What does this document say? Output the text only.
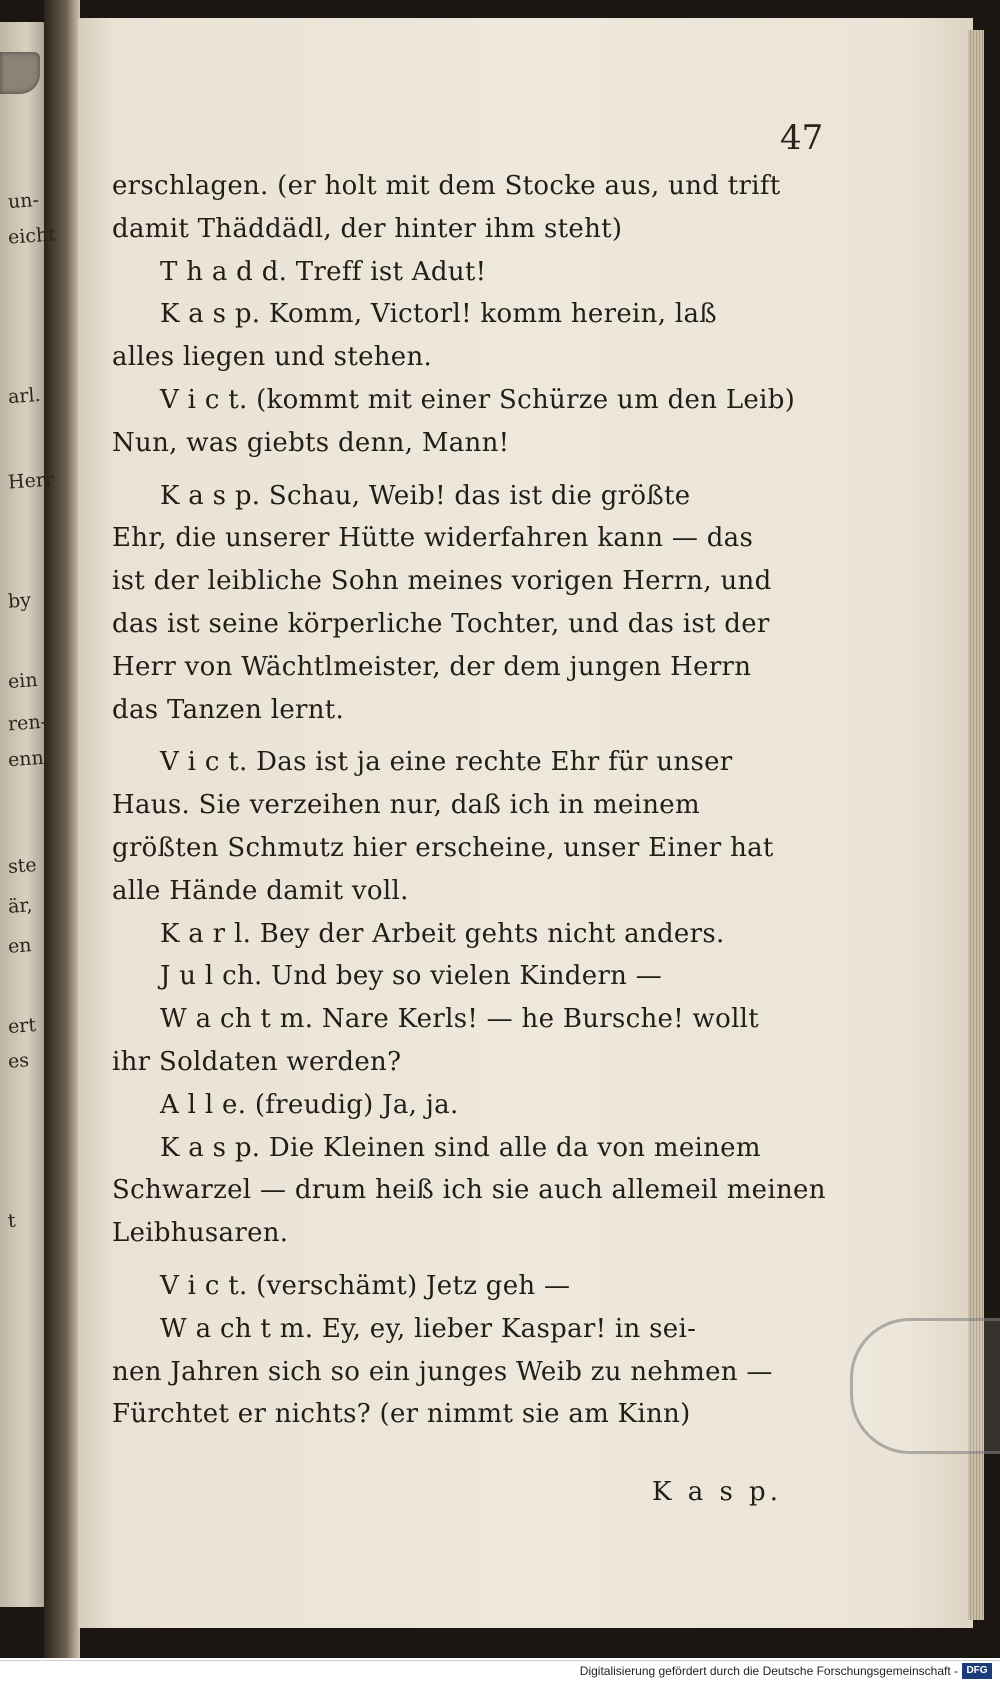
un-
eicht
arl.
Herr
by
ein
ren-
enn
ste
är,
en
ert
es
t
47
erschlagen. (er holt mit dem Stocke aus, und trift
damit Thäddädl, der hinter ihm steht)
T h a d d. Treff ist Adut!
K a s p. Komm, Victorl! komm herein, laß
alles liegen und stehen.
V i c t. (kommt mit einer Schürze um den Leib)
Nun, was giebts denn, Mann!
K a s p. Schau, Weib! das ist die größte
Ehr, die unserer Hütte widerfahren kann — das
ist der leibliche Sohn meines vorigen Herrn, und
das ist seine körperliche Tochter, und das ist der
Herr von Wächtlmeister, der dem jungen Herrn
das Tanzen lernt.
V i c t. Das ist ja eine rechte Ehr für unser
Haus. Sie verzeihen nur, daß ich in meinem
größten Schmutz hier erscheine, unser Einer hat
alle Hände damit voll.
K a r l. Bey der Arbeit gehts nicht anders.
J u l ch. Und bey so vielen Kindern —
W a ch t m. Nare Kerls! — he Bursche! wollt
ihr Soldaten werden?
A l l e. (freudig) Ja, ja.
K a s p. Die Kleinen sind alle da von meinem
Schwarzel — drum heiß ich sie auch allemeil meinen
Leibhusaren.
V i c t. (verschämt) Jetz geh —
W a ch t m. Ey, ey, lieber Kaspar! in sei-
nen Jahren sich so ein junges Weib zu nehmen —
Fürchtet er nichts? (er nimmt sie am Kinn)
K a s p.
Digitalisierung gefördert durch die Deutsche Forschungsgemeinschaft - DFG
